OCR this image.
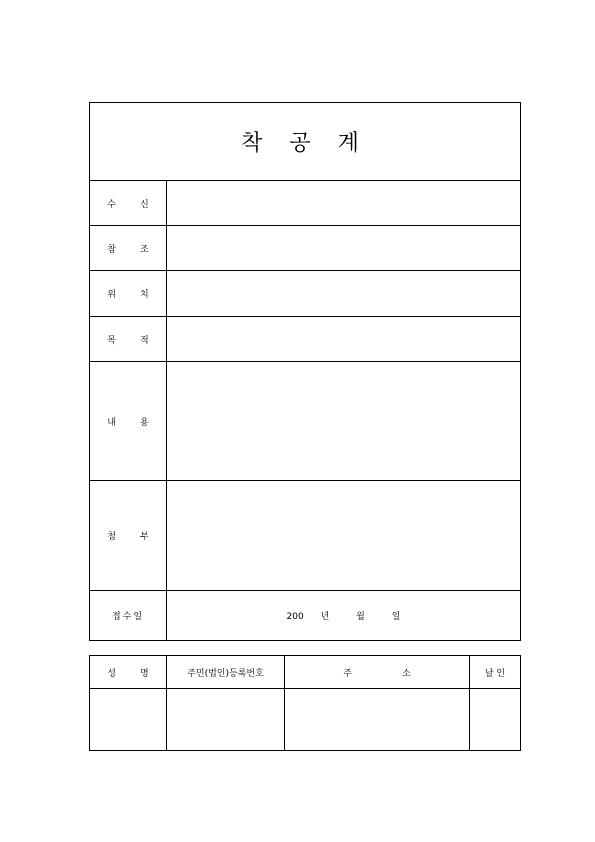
착 공 계	
수 신	
참 조	
위 치	
목 적	
내 용	
첨 부	
접수일	200 년 월 일
성 명	주민(법인)등록번호	주 소	날 인
